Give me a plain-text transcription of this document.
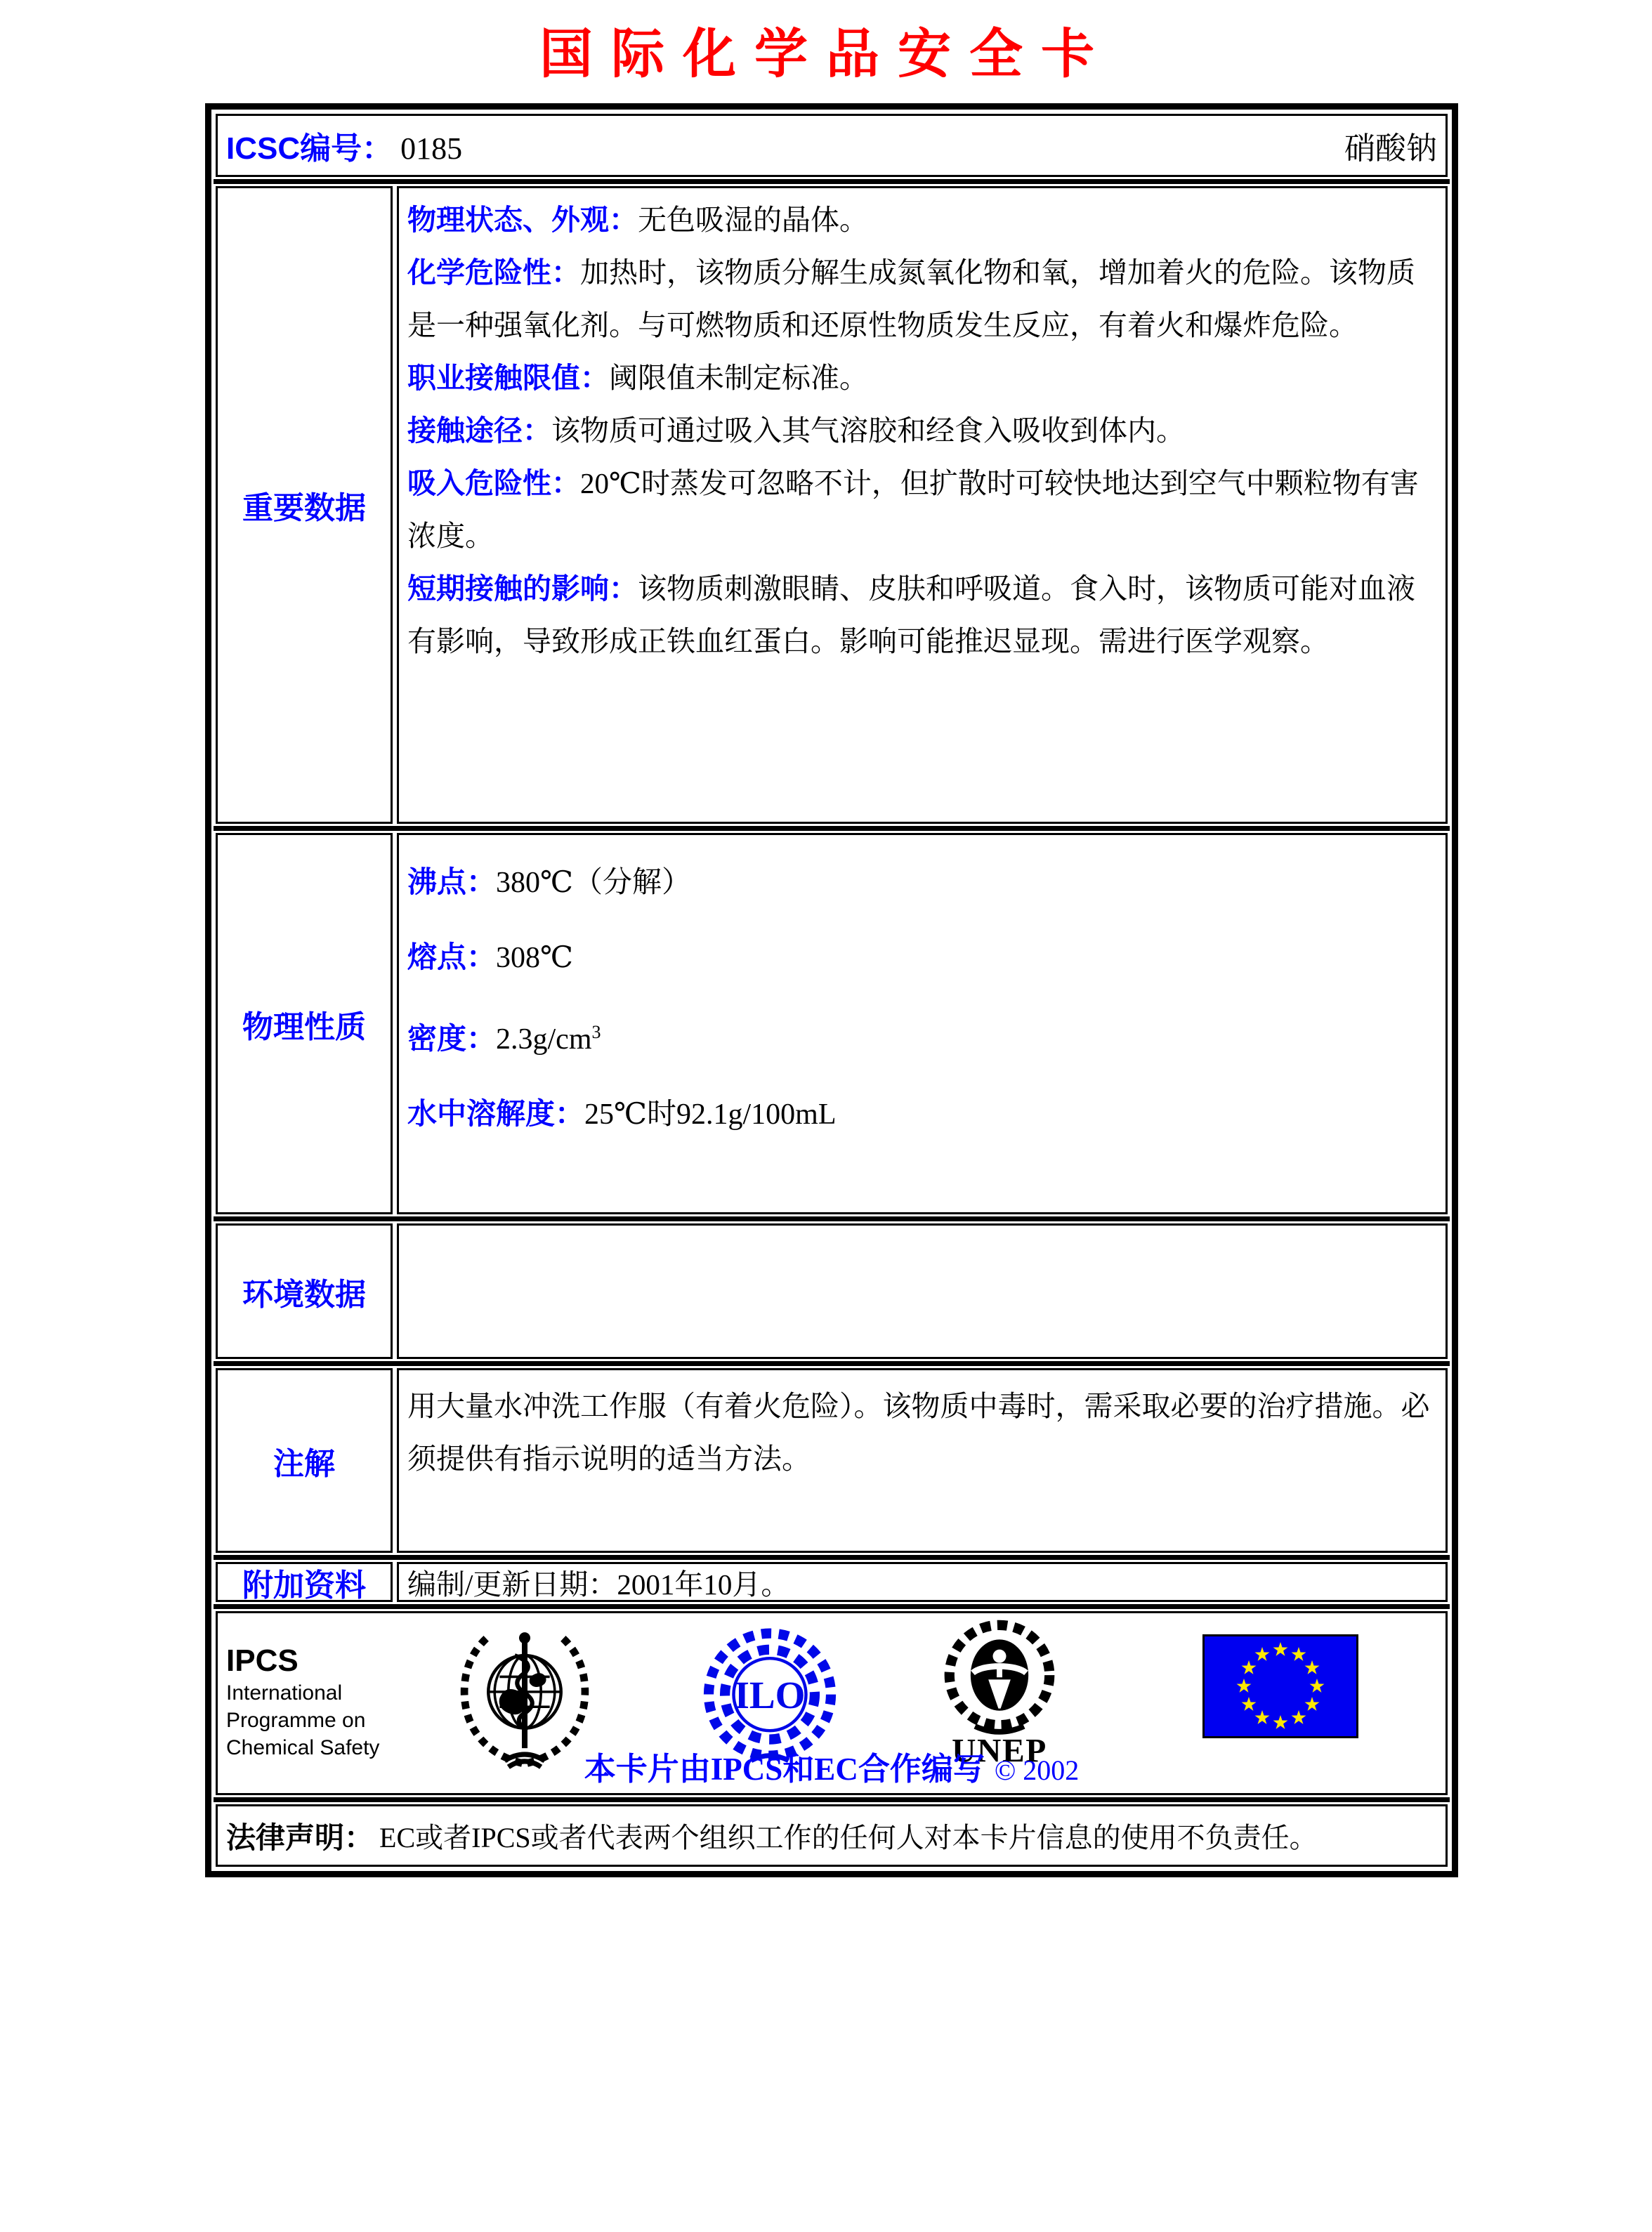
国际化学品安全卡
ICSC编号： 0185	硝酸钠
重要数据

物理状态、外观：无色吸湿的晶体。

化学危险性：加热时，该物质分解生成氮氧化物和氧，增加着火的危险。该物质是一种强氧化剂。与可燃物质和还原性物质发生反应，有着火和爆炸危险。

职业接触限值：阈限值未制定标准。

接触途径：该物质可通过吸入其气溶胶和经食入吸收到体内。

吸入危险性：20℃时蒸发可忽略不计，但扩散时可较快地达到空气中颗粒物有害浓度。

短期接触的影响：该物质刺激眼睛、皮肤和呼吸道。食入时，该物质可能对血液有影响，导致形成正铁血红蛋白。影响可能推迟显现。需进行医学观察。

物理性质

沸点：380℃（分解）

熔点：308℃

密度：$2.3g/cm^3$

水中溶解度：25℃时92.1g/100mL

环境数据
注解

用大量水冲洗工作服（有着火危险）。该物质中毒时，需采取必要的治疗措施。必须提供有指示说明的适当方法。

附加资料	编制/更新日期：2001年10月。
IPCS
International
Programme on
Chemical Safety
ILO
UNEP
本卡片由IPCS和EC合作编写 © 2002
法律声明： EC或者IPCS或者代表两个组织工作的任何人对本卡片信息的使用不负责任。
